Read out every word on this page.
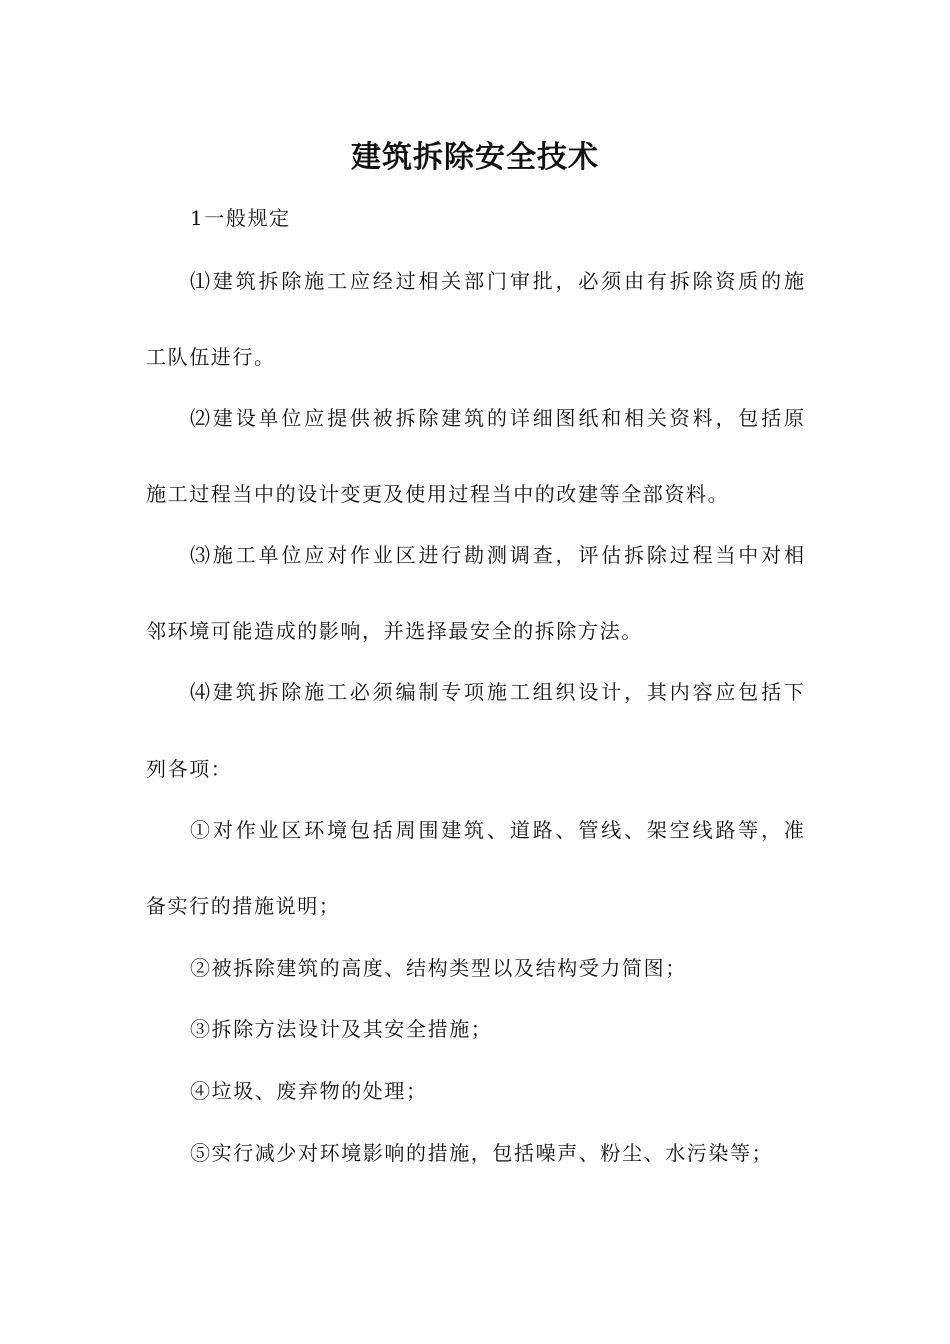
建筑拆除安全技术
1一般规定
⑴建筑拆除施工应经过相关部门审批，必须由有拆除资质的施
工队伍进行。
⑵建设单位应提供被拆除建筑的详细图纸和相关资料，包括原
施工过程当中的设计变更及使用过程当中的改建等全部资料。
⑶施工单位应对作业区进行勘测调查，评估拆除过程当中对相
邻环境可能造成的影响，并选择最安全的拆除方法。
⑷建筑拆除施工必须编制专项施工组织设计，其内容应包括下
列各项：
①对作业区环境包括周围建筑、道路、管线、架空线路等，准
备实行的措施说明；
②被拆除建筑的高度、结构类型以及结构受力简图；
③拆除方法设计及其安全措施；
④垃圾、废弃物的处理；
⑤实行减少对环境影响的措施，包括噪声、粉尘、水污染等；
